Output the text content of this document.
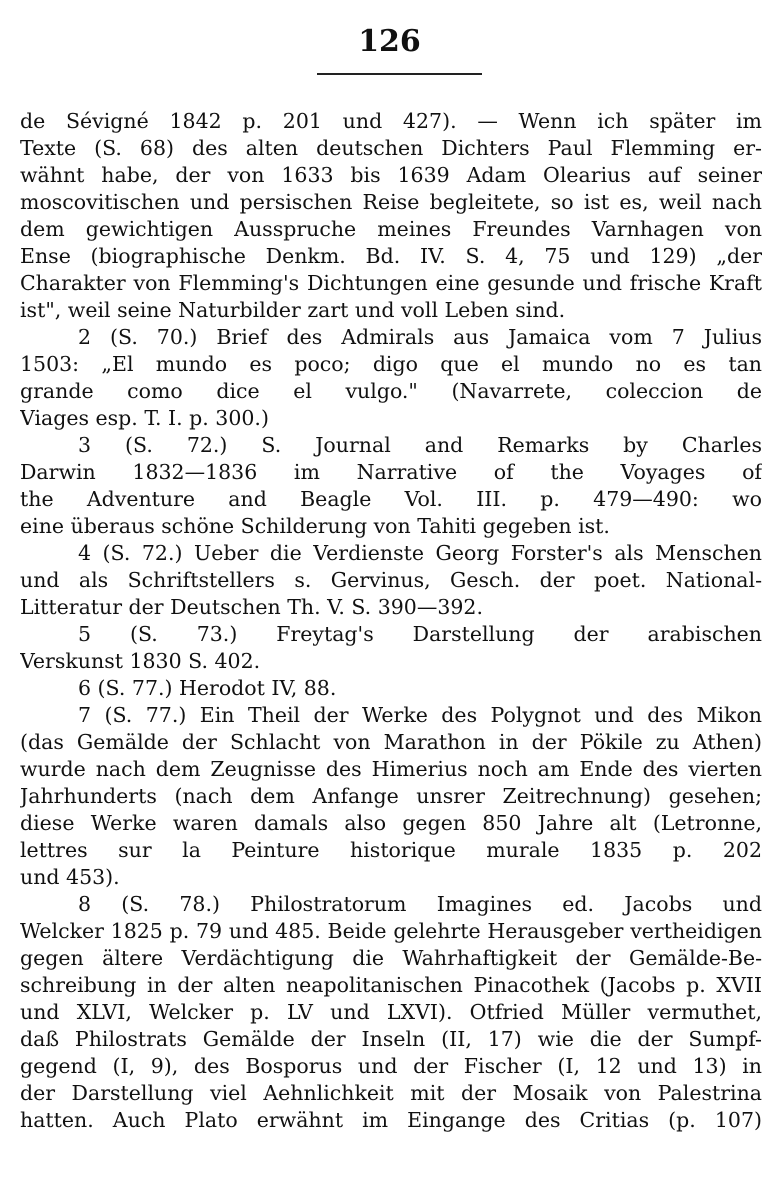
126
de Sévigné 1842 p. 201 und 427). — Wenn ich später im
Texte (S. 68) des alten deutschen Dichters Paul Flemming er-
wähnt habe, der von 1633 bis 1639 Adam Olearius auf seiner
moscovitischen und persischen Reise begleitete, so ist es, weil nach
dem gewichtigen Ausspruche meines Freundes Varnhagen von
Ense (biographische Denkm. Bd. IV. S. 4, 75 und 129) „der
Charakter von Flemming's Dichtungen eine gesunde und frische Kraft
ist", weil seine Naturbilder zart und voll Leben sind.
2 (S. 70.) Brief des Admirals aus Jamaica vom 7 Julius
1503: „El mundo es poco; digo que el mundo no es tan
grande como dice el vulgo." (Navarrete, coleccion de
Viages esp. T. I. p. 300.)
3 (S. 72.) S. Journal and Remarks by Charles
Darwin 1832—1836 im Narrative of the Voyages of
the Adventure and Beagle Vol. III. p. 479—490: wo
eine überaus schöne Schilderung von Tahiti gegeben ist.
4 (S. 72.) Ueber die Verdienste Georg Forster's als Menschen
und als Schriftstellers s. Gervinus, Gesch. der poet. National-
Litteratur der Deutschen Th. V. S. 390—392.
5 (S. 73.) Freytag's Darstellung der arabischen
Verskunst 1830 S. 402.
6 (S. 77.) Herodot IV, 88.
7 (S. 77.) Ein Theil der Werke des Polygnot und des Mikon
(das Gemälde der Schlacht von Marathon in der Pökile zu Athen)
wurde nach dem Zeugnisse des Himerius noch am Ende des vierten
Jahrhunderts (nach dem Anfange unsrer Zeitrechnung) gesehen;
diese Werke waren damals also gegen 850 Jahre alt (Letronne,
lettres sur la Peinture historique murale 1835 p. 202
und 453).
8 (S. 78.) Philostratorum Imagines ed. Jacobs und
Welcker 1825 p. 79 und 485. Beide gelehrte Herausgeber vertheidigen
gegen ältere Verdächtigung die Wahrhaftigkeit der Gemälde-Be-
schreibung in der alten neapolitanischen Pinacothek (Jacobs p. XVII
und XLVI, Welcker p. LV und LXVI). Otfried Müller vermuthet,
daß Philostrats Gemälde der Inseln (II, 17) wie die der Sumpf-
gegend (I, 9), des Bosporus und der Fischer (I, 12 und 13) in
der Darstellung viel Aehnlichkeit mit der Mosaik von Palestrina
hatten. Auch Plato erwähnt im Eingange des Critias (p. 107)
